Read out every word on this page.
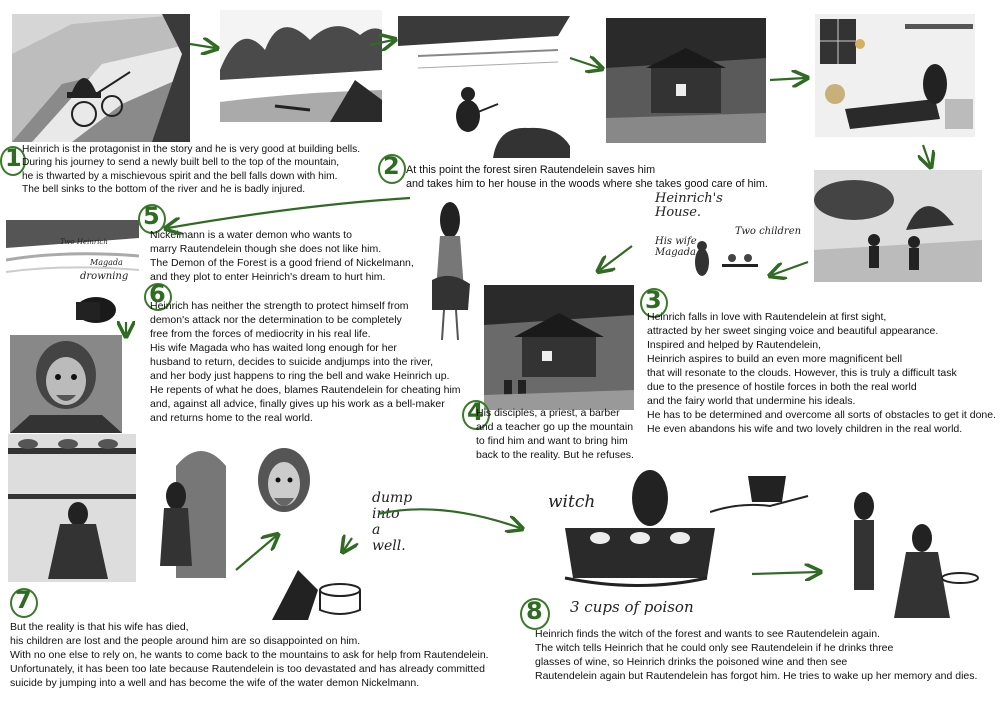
Heinrich's
House.
His wife
Magada
Two children
Two Heinrich
Magada
drowning
dump
into
a
well.
witch
3 cups of poison
1	2
3
4
5
6
7	8
Heinrich is the protagonist in the story and he is very good at building bells.
During his journey to send a newly built bell to the top of the mountain,
he is thwarted by a mischievous spirit and the bell falls down with him.
The bell sinks to the bottom of the river and he is badly injured.
At this point the forest siren Rautendelein saves him
and takes him to her house in the woods where she takes good care of him.
Heinrich falls in love with Rautendelein at first sight,
attracted by her sweet singing voice and beautiful appearance.
Inspired and helped by Rautendelein,
Heinrich aspires to build an even more magnificent bell
that will resonate to the clouds. However, this is truly a difficult task
due to the presence of hostile forces in both the real world
and the fairy world that undermine his ideals.
He has to be determined and overcome all sorts of obstacles to get it done.
He even abandons his wife and two lovely children in the real world.
His disciples, a priest, a barber
and a teacher go up the mountain
to find him and want to bring him
back to the reality. But he refuses.
Nickelmann is a water demon who wants to
marry Rautendelein though she does not like him.
The Demon of the Forest is a good friend of Nickelmann,
and they plot to enter Heinrich's dream to hurt him.
Heinrich has neither the strength to protect himself from
demon's attack nor the determination to be completely
free from the forces of mediocrity in his real life.
His wife Magada who has waited long enough for her
husband to return, decides to suicide andjumps into the river,
and her body just happens to ring the bell and wake Heinrich up.
He repents of what he does, blames Rautendelein for cheating him
and, against all advice, finally gives up his work as a bell-maker
and returns home to the real world.
But the reality is that his wife has died,
his children are lost and the people around him are so disappointed on him.
With no one else to rely on, he wants to come back to the mountains to ask for help from Rautendelein.
Unfortunately, it has been too late because Rautendelein is too devastated and has already committed
suicide by jumping into a well and has become the wife of the water demon Nickelmann.
Heinrich finds the witch of the forest and wants to see Rautendelein again.
The witch tells Heinrich that he could only see Rautendelein if he drinks three
glasses of wine, so Heinrich drinks the poisoned wine and then see
Rautendelein again but Rautendelein has forgot him. He tries to wake up her memory and dies.
